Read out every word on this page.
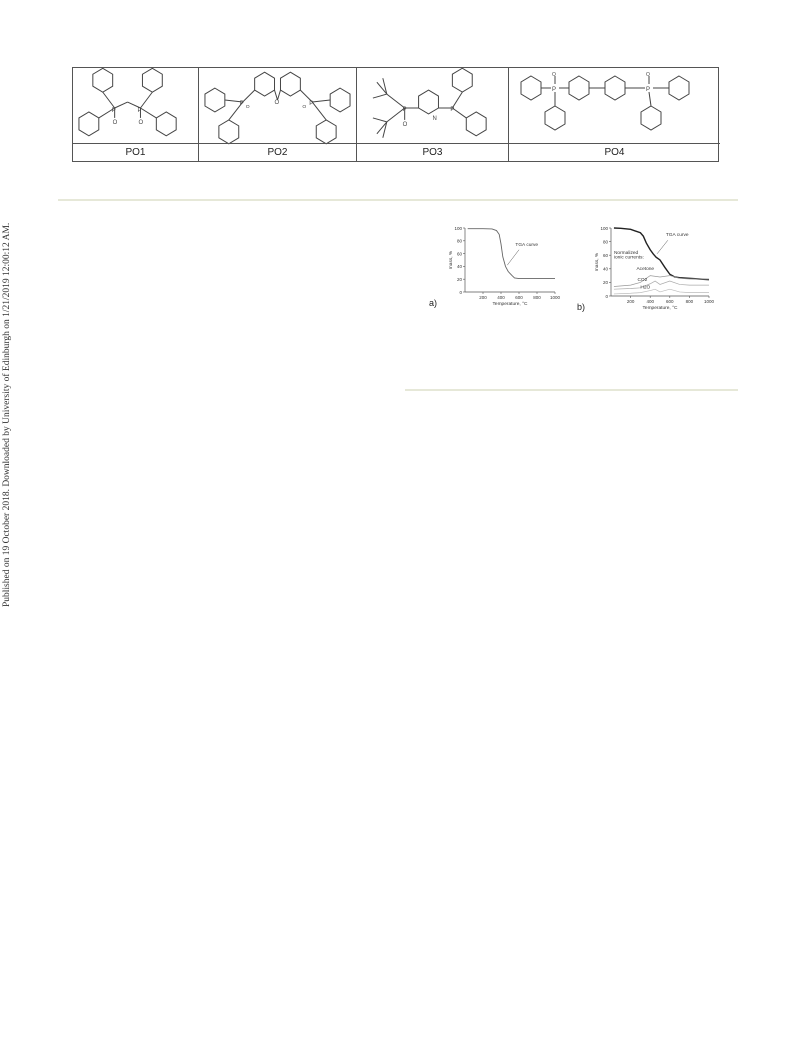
Published on 19 October 2018. Downloaded by University of Edinburgh on 1/21/2019 12:00:12 AM.
P	P
O	O
PO1
O
P	P
O	O
PO2
P
P
O
N
PO3
P	P
O	O
PO4
0
20
40
60
80
100
200 400 600 800 1000
Temperature, °C
mass, %
a)
TGA curve
0
20
40
60
80
100
200	400	600	800 1000
Temperature, °C
mass, %
b)
TGA curve
Normalized
ionic currents:
Acetone
CO2
H2O
